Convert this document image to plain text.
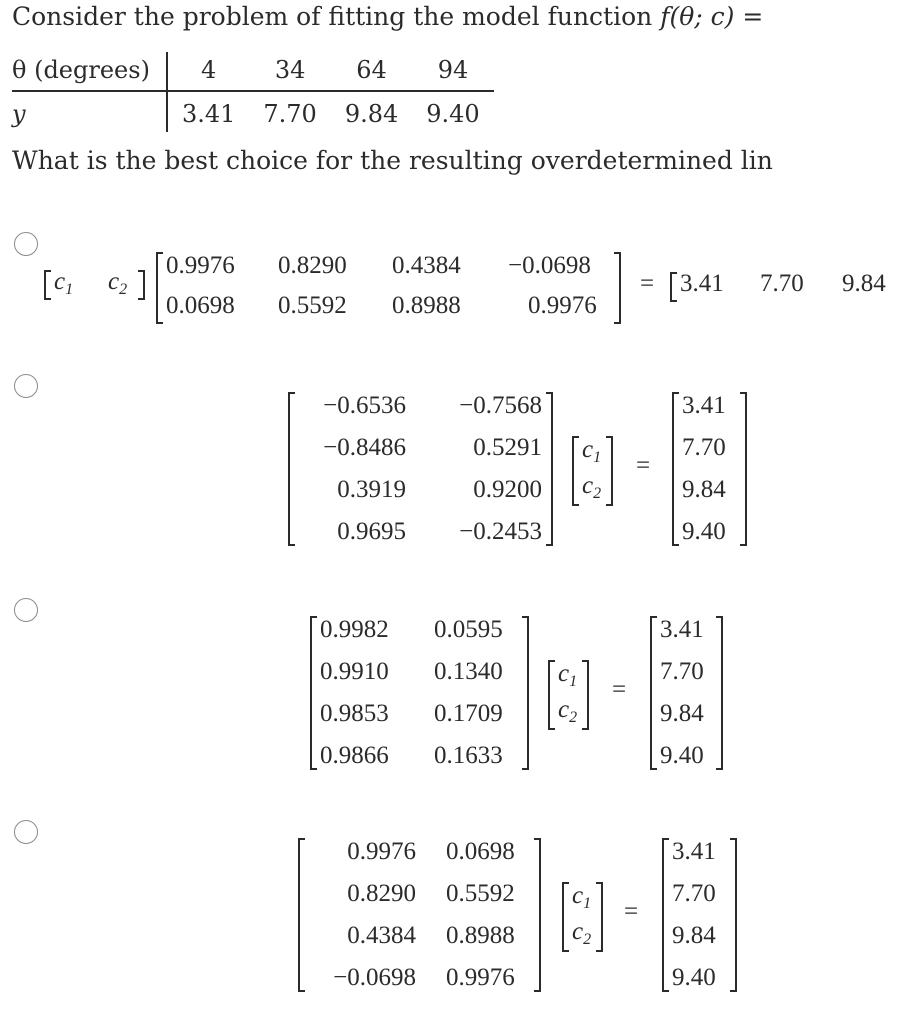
Consider the problem of fitting the model function f(θ; c) =
θ (degrees)	4	34	64	94
y	3.41	7.70	9.84	9.40
What is the best choice for the resulting overdetermined lin
$c_1$ $c_2$
0.9976 0.8290 0.4384 −0.0698
0.0698 0.5592 0.8988	0.9976
= 3.41 7.70 9.84
−0.6536	−0.7568
−0.8486	0.5291
0.3919	0.9200
0.9695	−0.2453
$c_1$
$c_2$
=
3.41
7.70
9.84
9.40
0.9982 0.0595
0.9910 0.1340
0.9853 0.1709
0.9866 0.1633
$c_1$
$c_2$
=
3.41
7.70
9.84
9.40
0.9976 0.0698
0.8290 0.5592
0.4384 0.8988
−0.0698 0.9976
$c_1$
$c_2$
=
3.41
7.70
9.84
9.40
